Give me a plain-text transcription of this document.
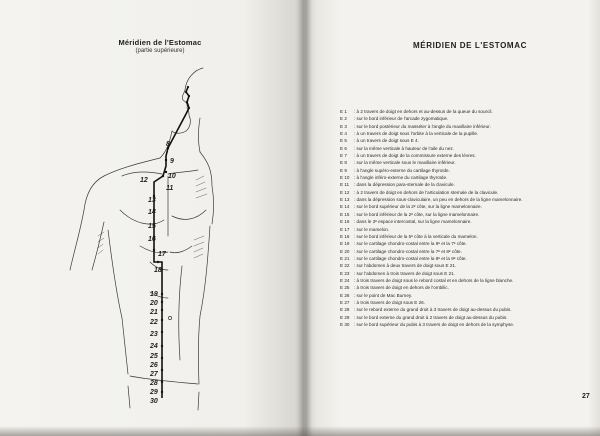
Méridien de l'Estomac
(partie supérieure)
8
9
10
11
12
13
14
15
16
17
18
19
20
21
22
23
24
25
26
27
28
29
30
MÉRIDIEN DE L'ESTOMAC
E 1	: à 2 travers de doigt en dehors et au-dessus de la queue du sourcil.
E 2	: sur le bord inférieur de l'arcade zygomatique.
E 3	: sur le bord postérieur du masséter à l'angle du maxillaire inférieur.
E 4	: à un travers de doigt sous l'orbite à la verticale de la pupille.
E 5	: à un travers de doigt sous E 4.
E 6	: sur la même verticale à hauteur de l'aile du nez.
E 7	: à un travers de doigt de la commissure externe des lèvres.
E 8	: sur la même verticale sous le maxillaire inférieur.
E 9	: à l'angle supéro-externe du cartilage thyroïde.
E 10 : à l'angle inféro-externe du cartilage thyroïde.
E 11	: dans la dépression para-sternale de la clavicule.
E 12 : à 2 travers de doigt en dehors de l'articulation sternale de la clavicule.
E 13 : dans la dépression sous-claviculaire, un peu en dehors de la ligne mamelonnaire.
E 14 : sur le bord supérieur de la 2ᵉ côte, sur la ligne mamelonnaire.
E 15 : sur le bord inférieur de la 2ᵉ côte, sur la ligne mamelonnaire.
E 16 : dans le 3ᵉ espace intercostal, sur la ligne mamelonnaire.
E 17 : sur le mamelon.
E 18 : sur le bord inférieur de la 5ᵉ côte à la verticale du mamelon.
E 19 : sur le cartilage chondro-costal entre la 6ᵉ et la 7ᵉ côte.
E 20 : sur le cartilage chondro-costal entre la 7ᵉ et 8ᵉ côte.
E 21 : sur le cartilage chondro-costal entre la 8ᵉ et la 9ᵉ côte.
E 22 : sur l'abdomen à deux travers de doigt sous E 21.
E 23 : sur l'abdomen à trois travers de doigt sous E 21.
E 24 : à trois travers de doigt sous le rebord costal et en dehors de la ligne blanche.
E 25 : à trois travers de doigt en dehors de l'ombilic.
E 26 : sur le point de Mac Burney.
E 27 : à trois travers de doigt sous E 26.
E 28 : sur le rebord externe du grand droit à 3 travers de doigt au-dessus du pubis.
E 29 : sur le bord externe du grand droit à 2 travers de doigt au-dessus du pubis.
E 30 : sur le bord supérieur du pubis à 3 travers de doigt en dehors de la symphyse.
27
